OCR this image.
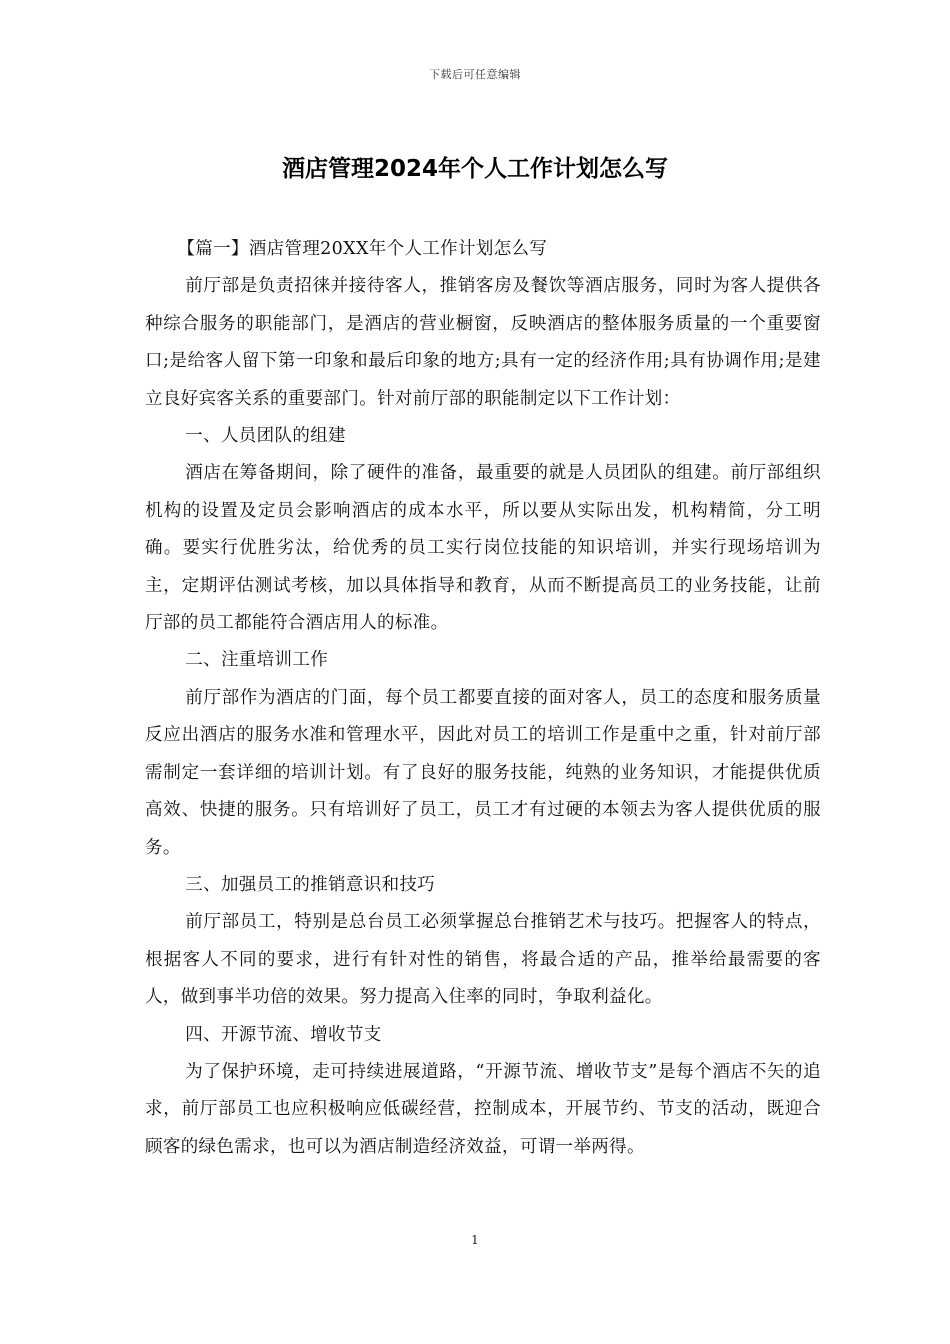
下载后可任意编辑
酒店管理2024年个人工作计划怎么写

【篇一】酒店管理20XX年个人工作计划怎么写

前厅部是负责招徕并接待客人，推销客房及餐饮等酒店服务，同时为客人提供各种综合服务的职能部门，是酒店的营业橱窗，反映酒店的整体服务质量的一个重要窗口;是给客人留下第一印象和最后印象的地方;具有一定的经济作用;具有协调作用;是建立良好宾客关系的重要部门。针对前厅部的职能制定以下工作计划：

一、人员团队的组建

酒店在筹备期间，除了硬件的准备，最重要的就是人员团队的组建。前厅部组织机构的设置及定员会影响酒店的成本水平，所以要从实际出发，机构精简，分工明确。要实行优胜劣汰，给优秀的员工实行岗位技能的知识培训，并实行现场培训为主，定期评估测试考核，加以具体指导和教育，从而不断提高员工的业务技能，让前厅部的员工都能符合酒店用人的标准。

二、注重培训工作

前厅部作为酒店的门面，每个员工都要直接的面对客人，员工的态度和服务质量反应出酒店的服务水准和管理水平，因此对员工的培训工作是重中之重，针对前厅部需制定一套详细的培训计划。有了良好的服务技能，纯熟的业务知识，才能提供优质高效、快捷的服务。只有培训好了员工，员工才有过硬的本领去为客人提供优质的服务。

三、加强员工的推销意识和技巧

前厅部员工，特别是总台员工必须掌握总台推销艺术与技巧。把握客人的特点，根据客人不同的要求，进行有针对性的销售，将最合适的产品，推举给最需要的客人，做到事半功倍的效果。努力提高入住率的同时，争取利益化。

四、开源节流、增收节支

为了保护环境，走可持续进展道路，“开源节流、增收节支”是每个酒店不矢的追求，前厅部员工也应积极响应低碳经营，控制成本，开展节约、节支的活动，既迎合顾客的绿色需求，也可以为酒店制造经济效益，可谓一举两得。

1
